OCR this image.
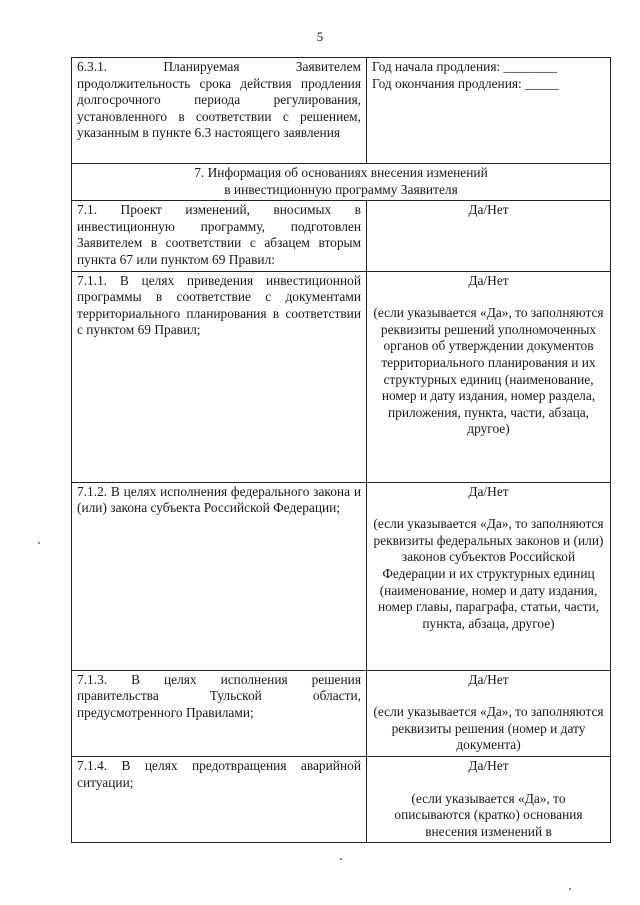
5
6.3.1. Планируемая Заявителем продолжительность срока действия продления долгосрочного периода регулирования, установленного в соответствии с решением, указанным в пункте 6.3 настоящего заявления	Год начала продления: ________
Год окончания продления: _____

7. Информация об основаниях внесения изменений
в инвестиционную программу Заявителя	

7.1. Проект изменений, вносимых в инвестиционную программу, подготовлен Заявителем в соответствии с абзацем вторым пункта 67 или пунктом 69 Правил:	Да/Нет
7.1.1. В целях приведения инвестиционной программы в соответствие с документами территориального планирования в соответствии с пунктом 69 Правил;	Да/Нет
(если указывается «Да», то заполняются реквизиты решений уполномоченных органов об утверждении документов территориального планирования и их структурных единиц (наименование, номер и дату издания, номер раздела, приложения, пункта, части, абзаца, другое)

7.1.2. В целях исполнения федерального закона и (или) закона субъекта Российской Федерации;	Да/Нет
(если указывается «Да», то заполняются реквизиты федеральных законов и (или) законов субъектов Российской Федерации и их структурных единиц (наименование, номер и дату издания, номер главы, параграфа, статьи, части, пункта, абзаца, другое)

7.1.3. В целях исполнения решения правительства Тульской области, предусмотренного Правилами;	Да/Нет
(если указывается «Да», то заполняются реквизиты решения (номер и дату документа)

7.1.4. В целях предотвращения аварийной ситуации;	Да/Нет
(если указывается «Да», то описываются (кратко) основания внесения изменений в
